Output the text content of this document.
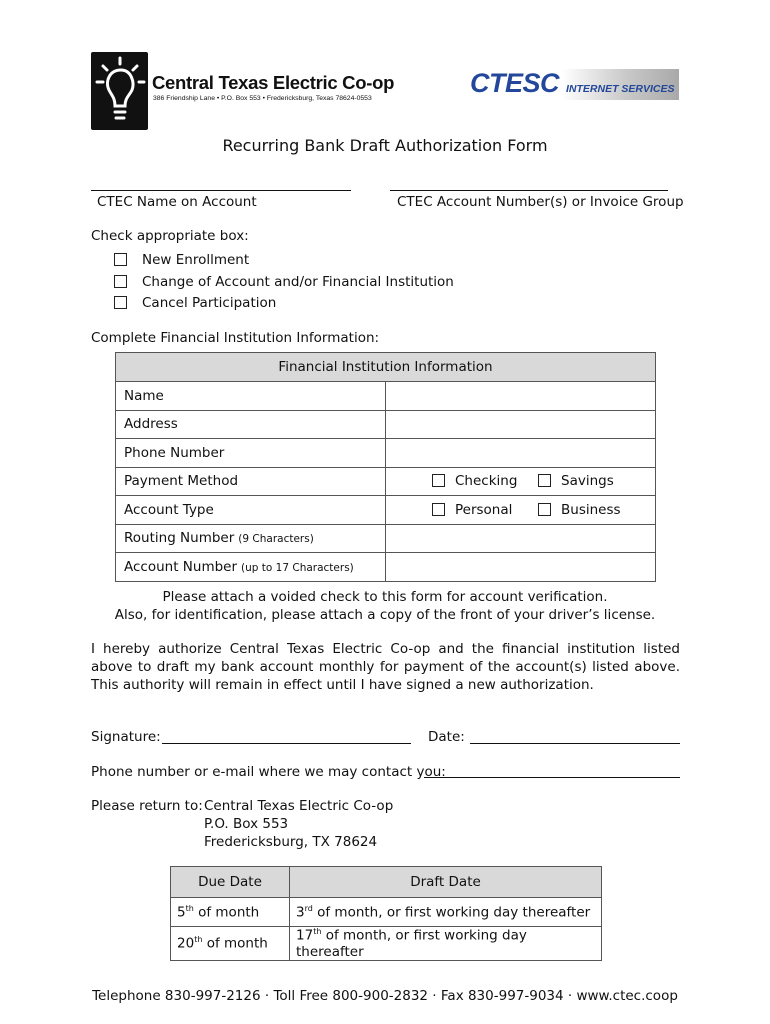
Central Texas Electric Co-op
386 Friendship Lane • P.O. Box 553 • Fredericksburg, Texas 78624-0553
CTESC INTERNET SERVICES
Recurring Bank Draft Authorization Form
CTEC Name on Account	CTEC Account Number(s) or Invoice Group
Check appropriate box:
New Enrollment
Change of Account and/or Financial Institution
Cancel Participation
Complete Financial Institution Information:
Financial Institution Information	
Name	
Address	
Phone Number	
Payment Method	Checking Savings
Account Type	Personal Business
Routing Number (9 Characters)	
Account Number (up to 17 Characters)	
Please attach a voided check to this form for account verification.
Also, for identification, please attach a copy of the front of your driver’s license.
I hereby authorize Central Texas Electric Co-op and the financial institution listed above to draft my bank account monthly for payment of the account(s) listed above. This authority will remain in effect until I have signed a new authorization.
Signature:	Date:
Phone number or e-mail where we may contact you:
Please return to: Central Texas Electric Co-op
P.O. Box 553
Fredericksburg, TX 78624
Due Date	Draft Date
5th of month	3rd of month, or first working day thereafter
20th of month	17th of month, or first working day thereafter
Telephone 830-997-2126 · Toll Free 800-900-2832 · Fax 830-997-9034 · www.ctec.coop
